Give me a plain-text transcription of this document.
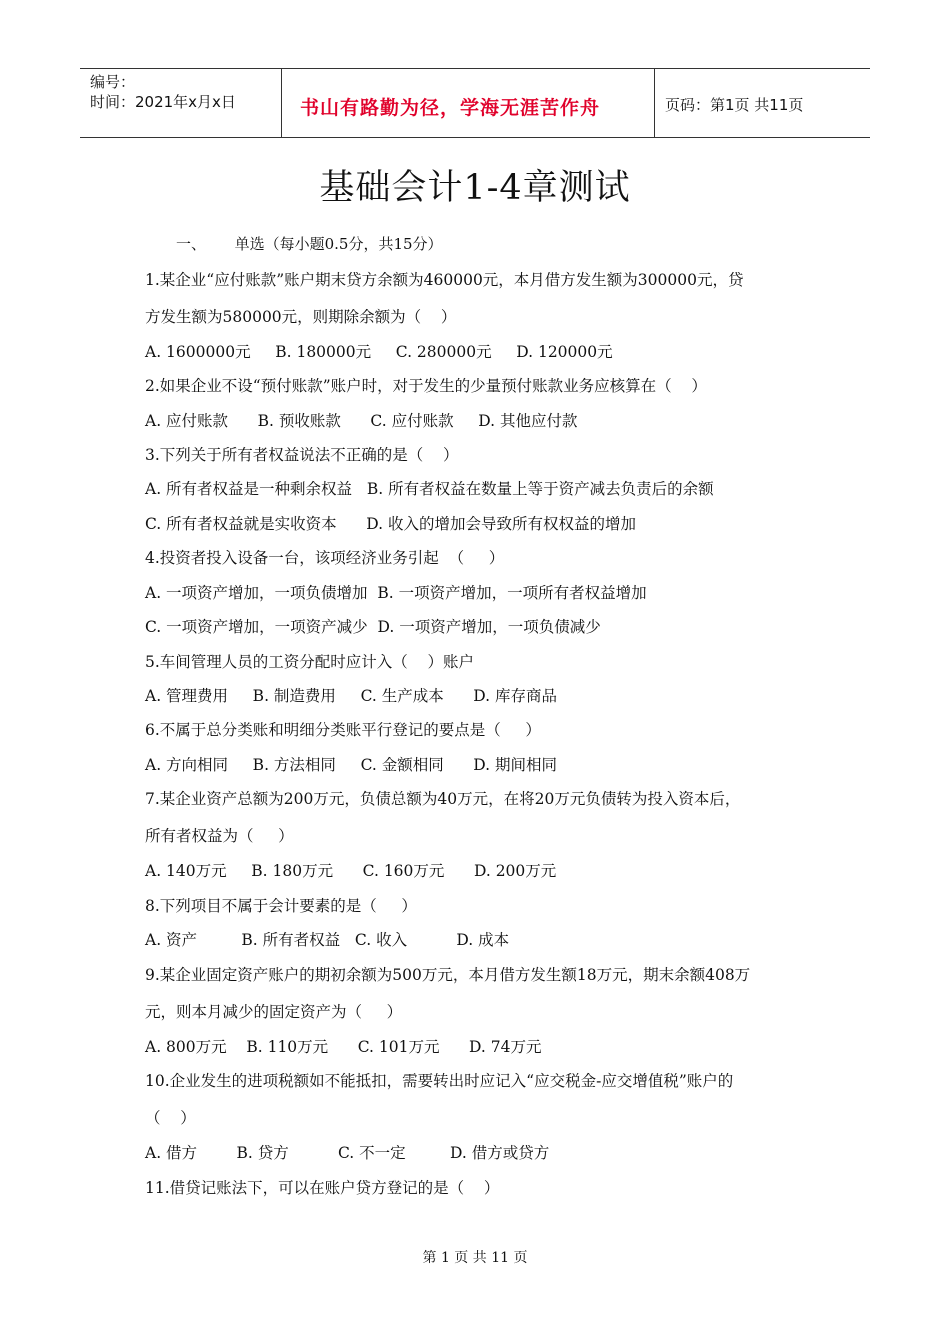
编号：
时间：2021年x月x日	书山有路勤为径，学海无涯苦作舟	页码：第1页 共11页
基础会计1-4章测试
一、      单选（每小题0.5分，共15分）
1.某企业“应付账款”账户期末贷方余额为460000元，本月借方发生额为300000元，贷
方发生额为580000元，则期除余额为（    ）
A. 1600000元     B. 180000元     C. 280000元     D. 120000元
2.如果企业不设“预付账款”账户时，对于发生的少量预付账款业务应核算在（    ）
A. 应付账款      B. 预收账款      C. 应付账款     D. 其他应付款
3.下列关于所有者权益说法不正确的是（    ）
A. 所有者权益是一种剩余权益   B. 所有者权益在数量上等于资产减去负责后的余额
C. 所有者权益就是实收资本      D. 收入的增加会导致所有权权益的增加
4.投资者投入设备一台，该项经济业务引起  （     ）
A. 一项资产增加，一项负债增加  B. 一项资产增加，一项所有者权益增加
C. 一项资产增加，一项资产减少  D. 一项资产增加，一项负债减少
5.车间管理人员的工资分配时应计入（    ）账户
A. 管理费用     B. 制造费用     C. 生产成本      D. 库存商品
6.不属于总分类账和明细分类账平行登记的要点是（     ）
A. 方向相同     B. 方法相同     C. 金额相同      D. 期间相同
7.某企业资产总额为200万元，负债总额为40万元，在将20万元负债转为投入资本后，
所有者权益为（     ）
A. 140万元     B. 180万元      C. 160万元      D. 200万元
8.下列项目不属于会计要素的是（     ）
A. 资产         B. 所有者权益   C. 收入          D. 成本
9.某企业固定资产账户的期初余额为500万元，本月借方发生额18万元，期末余额408万
元，则本月减少的固定资产为（     ）
A. 800万元    B. 110万元      C. 101万元      D. 74万元
10.企业发生的进项税额如不能抵扣，需要转出时应记入“应交税金-应交增值税”账户的
（    ）
A. 借方        B. 贷方          C. 不一定         D. 借方或贷方
11.借贷记账法下，可以在账户贷方登记的是（    ）
第 1 页 共 11 页
